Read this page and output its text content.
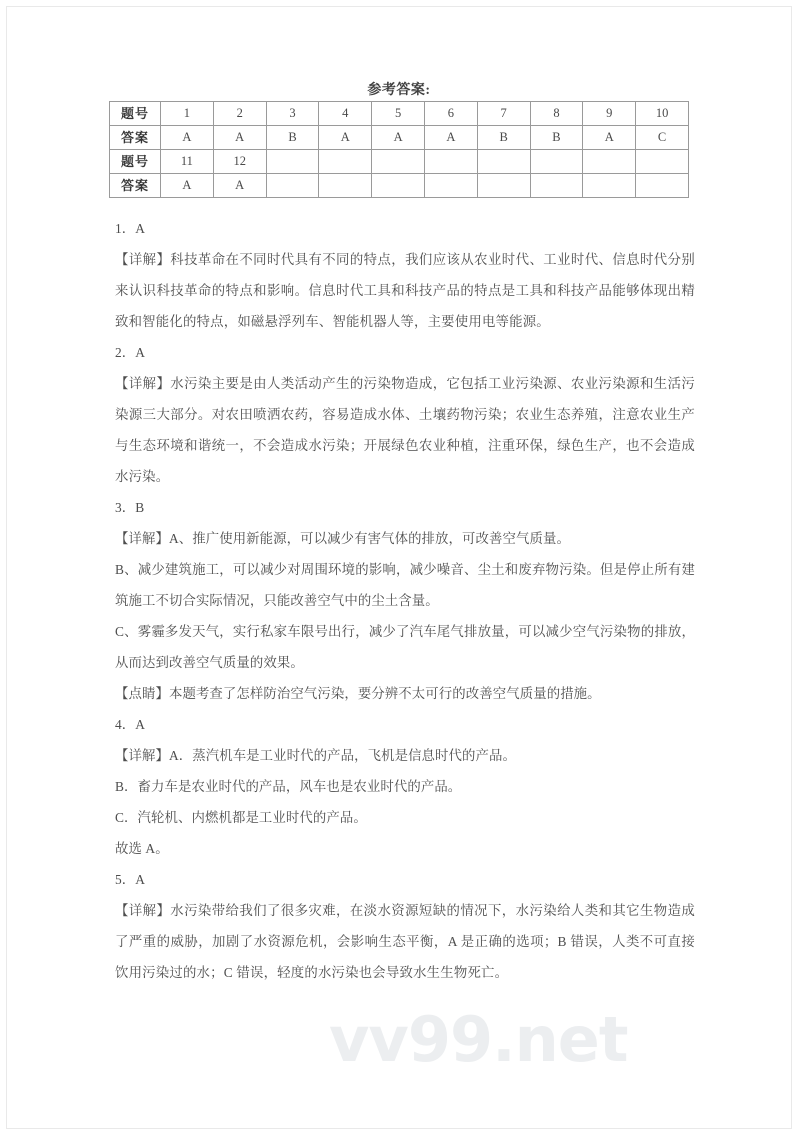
vv99.net
参考答案:
题号	1	2	3	4	5	6	7	8	9	10
答案	A	A	B	A	A	A	B	B	A	C
题号	11	12								
答案	A	A								

1．A

【详解】科技革命在不同时代具有不同的特点，我们应该从农业时代、工业时代、信息时代分别来认识科技革命的特点和影响。信息时代工具和科技产品的特点是工具和科技产品能够体现出精致和智能化的特点，如磁悬浮列车、智能机器人等，主要使用电等能源。

2．A

【详解】水污染主要是由人类活动产生的污染物造成，它包括工业污染源、农业污染源和生活污染源三大部分。对农田喷洒农药，容易造成水体、土壤药物污染；农业生态养殖，注意农业生产与生态环境和谐统一，不会造成水污染；开展绿色农业种植，注重环保，绿色生产，也不会造成水污染。

3．B

【详解】A、推广使用新能源，可以减少有害气体的排放，可改善空气质量。

B、减少建筑施工，可以减少对周围环境的影响，减少噪音、尘土和废弃物污染。但是停止所有建筑施工不切合实际情况，只能改善空气中的尘土含量。

C、雾霾多发天气，实行私家车限号出行，减少了汽车尾气排放量，可以减少空气污染物的排放，从而达到改善空气质量的效果。

【点睛】本题考查了怎样防治空气污染，要分辨不太可行的改善空气质量的措施。

4．A

【详解】A．蒸汽机车是工业时代的产品，飞机是信息时代的产品。

B．畜力车是农业时代的产品，风车也是农业时代的产品。

C．汽轮机、内燃机都是工业时代的产品。

故选 A。

5．A

【详解】水污染带给我们了很多灾难，在淡水资源短缺的情况下，水污染给人类和其它生物造成了严重的威胁，加剧了水资源危机，会影响生态平衡，A 是正确的选项；B 错误，人类不可直接饮用污染过的水；C 错误，轻度的水污染也会导致水生生物死亡。
